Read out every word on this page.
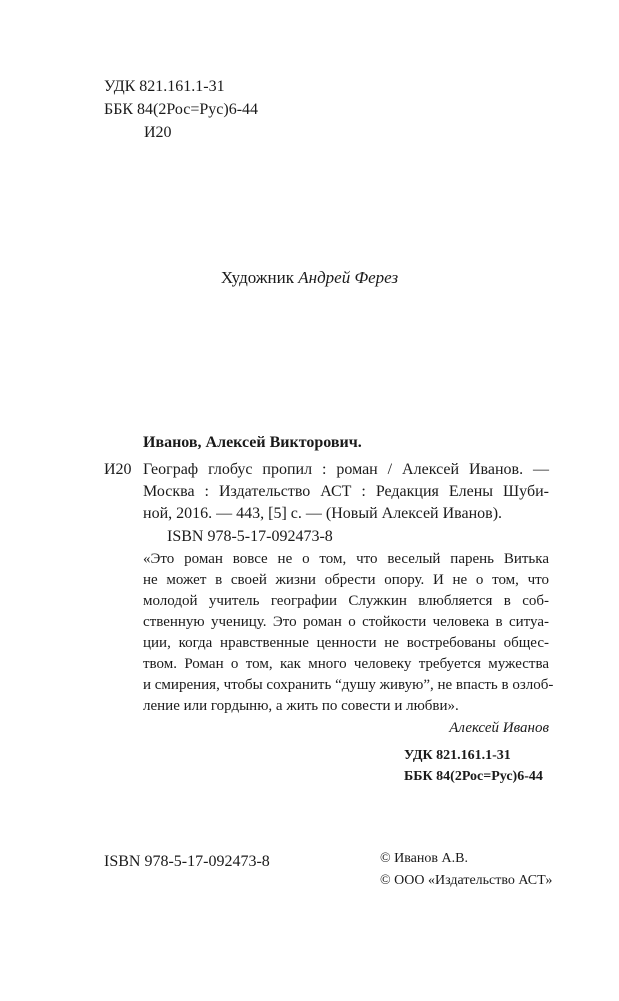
УДК 821.161.1-31
ББК 84(2Рос=Рус)6-44
И20
Художник Андрей Ферез
Иванов, Алексей Викторович.
И20 Географ глобус пропил : роман / Алексей Иванов. —
Москва : Издательство АСТ : Редакция Елены Шуби-
ной, 2016. — 443, [5] с. — (Новый Алексей Иванов).
ISBN 978-5-17-092473-8
«Это роман вовсе не о том, что веселый парень Витька
не может в своей жизни обрести опору. И не о том, что
молодой учитель географии Служкин влюбляется в соб-
ственную ученицу. Это роман о стойкости человека в ситуа-
ции, когда нравственные ценности не востребованы общес-
твом. Роман о том, как много человеку требуется мужества
и смирения, чтобы сохранить “душу живую”, не впасть в озлоб-
ление или гордыню, а жить по совести и любви».
Алексей Иванов
УДК 821.161.1-31
ББК 84(2Рос=Рус)6-44
ISBN 978-5-17-092473-8	© Иванов А.В.
© ООО «Издательство АСТ»
